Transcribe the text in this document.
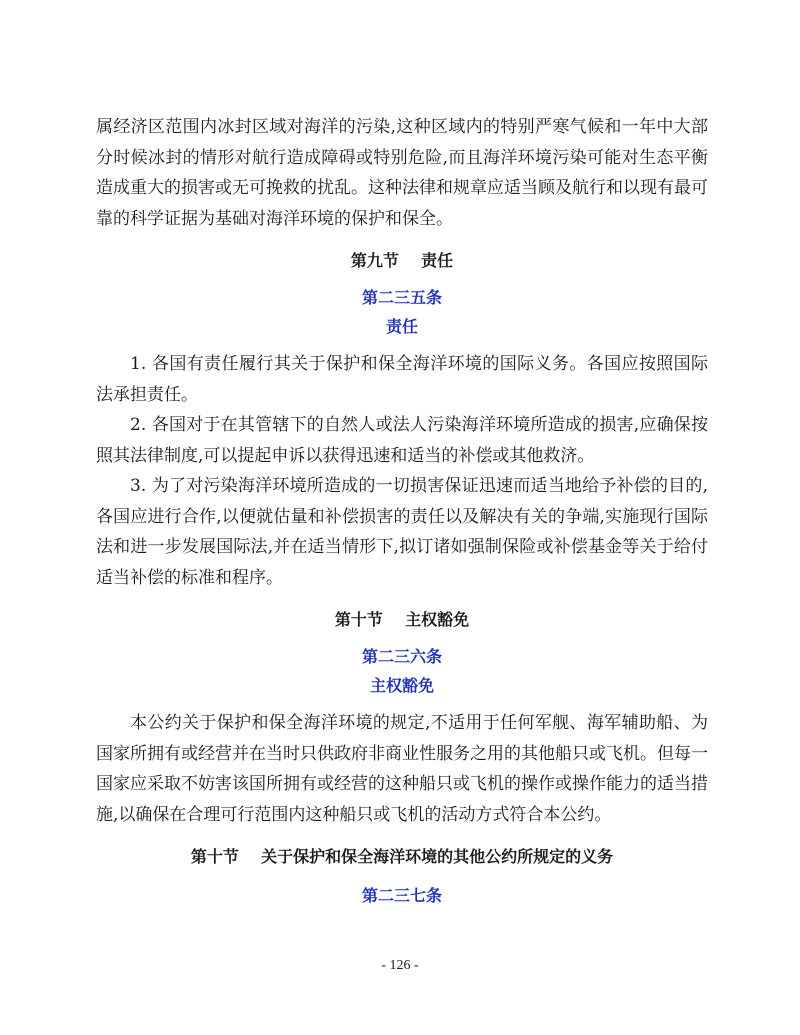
属经济区范围内冰封区域对海洋的污染,这种区域内的特别严寒气候和一年中大部分时候冰封的情形对航行造成障碍或特别危险,而且海洋环境污染可能对生态平衡造成重大的损害或无可挽救的扰乱。这种法律和规章应适当顾及航行和以现有最可靠的科学证据为基础对海洋环境的保护和保全。

第九节    责任

第二三五条

责任

1. 各国有责任履行其关于保护和保全海洋环境的国际义务。各国应按照国际法承担责任。

2. 各国对于在其管辖下的自然人或法人污染海洋环境所造成的损害,应确保按照其法律制度,可以提起申诉以获得迅速和适当的补偿或其他救济。

3. 为了对污染海洋环境所造成的一切损害保证迅速而适当地给予补偿的目的,各国应进行合作,以便就估量和补偿损害的责任以及解决有关的争端,实施现行国际法和进一步发展国际法,并在适当情形下,拟订诸如强制保险或补偿基金等关于给付适当补偿的标准和程序。

第十节    主权豁免

第二三六条

主权豁免

本公约关于保护和保全海洋环境的规定,不适用于任何军舰、海军辅助船、为国家所拥有或经营并在当时只供政府非商业性服务之用的其他船只或飞机。但每一国家应采取不妨害该国所拥有或经营的这种船只或飞机的操作或操作能力的适当措施,以确保在合理可行范围内这种船只或飞机的活动方式符合本公约。

第十节    关于保护和保全海洋环境的其他公约所规定的义务

第二三七条

- 126 -
